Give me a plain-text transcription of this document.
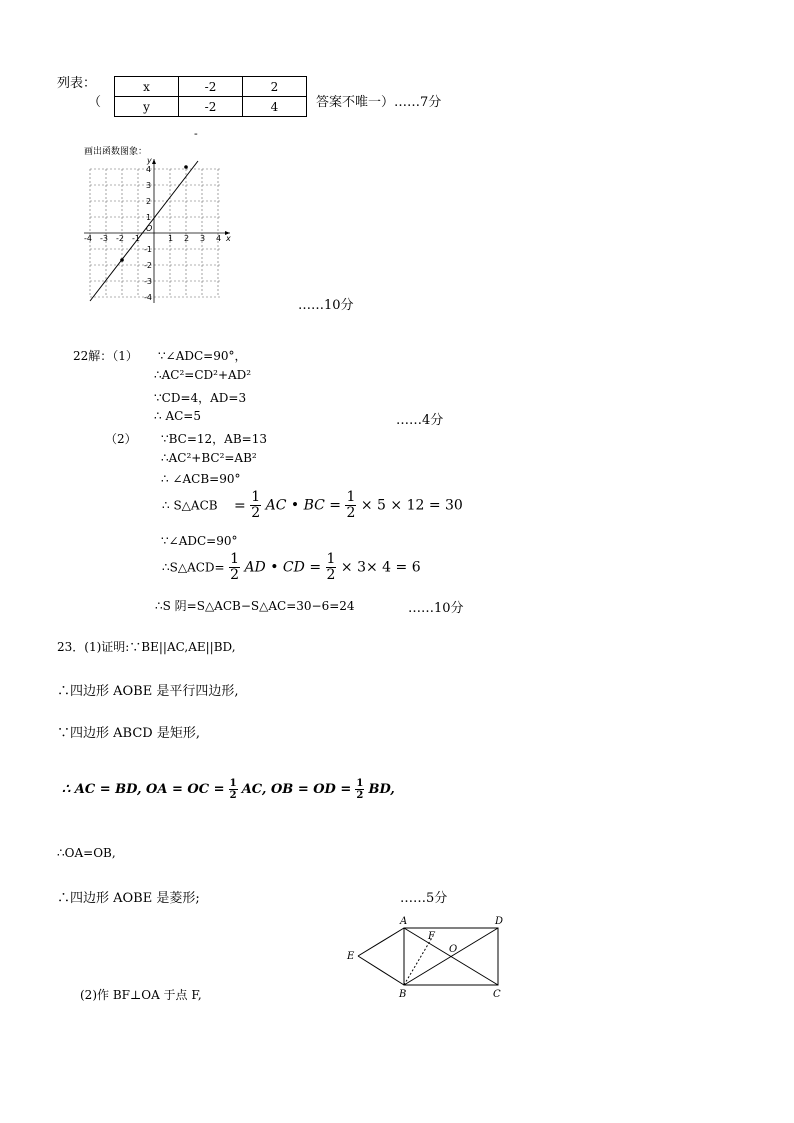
列表：
（
x	-2	2
y	-2	4	答案不唯一）……7分
-
画出函数图象：
-4 -3 -2 -1	1 2 3 4
4
3
2
1
-1
-2
-3
-4
O
x
y
……10分
22解：（1） ∵∠ADC=90°，
∴AC²=CD²+AD²
∵CD=4，AD=3
∴ AC=5	……4分
（2） ∵BC=12，AB=13
∴AC²+BC²=AB²
∴ ∠ACB=90°
∴ S△ACB = $\frac{1}{2}$ AC • BC = $\frac{1}{2} \times 5 \times 12 = 30$
∵∠ADC=90°
∴S△ACD= $\frac{1}{2}$ AD • CD = $\frac{1}{2} \times 3\times 4 = 6$
∴S 阴=S△ACB−S△AC=30−6=24	……10分
23．(1)证明:∵BE||AC,AE||BD,
∴四边形 AOBE 是平行四边形,
∵四边形 ABCD 是矩形,
∴ AC = BD, OA = OC = $\frac{1}{2}$ AC, OB = OD = $\frac{1}{2}$ BD,
∴OA=OB,
∴四边形 AOBE 是菱形;	……5分
(2)作 BF⊥OA 于点 F,
A	D
E
F
O
B	C
